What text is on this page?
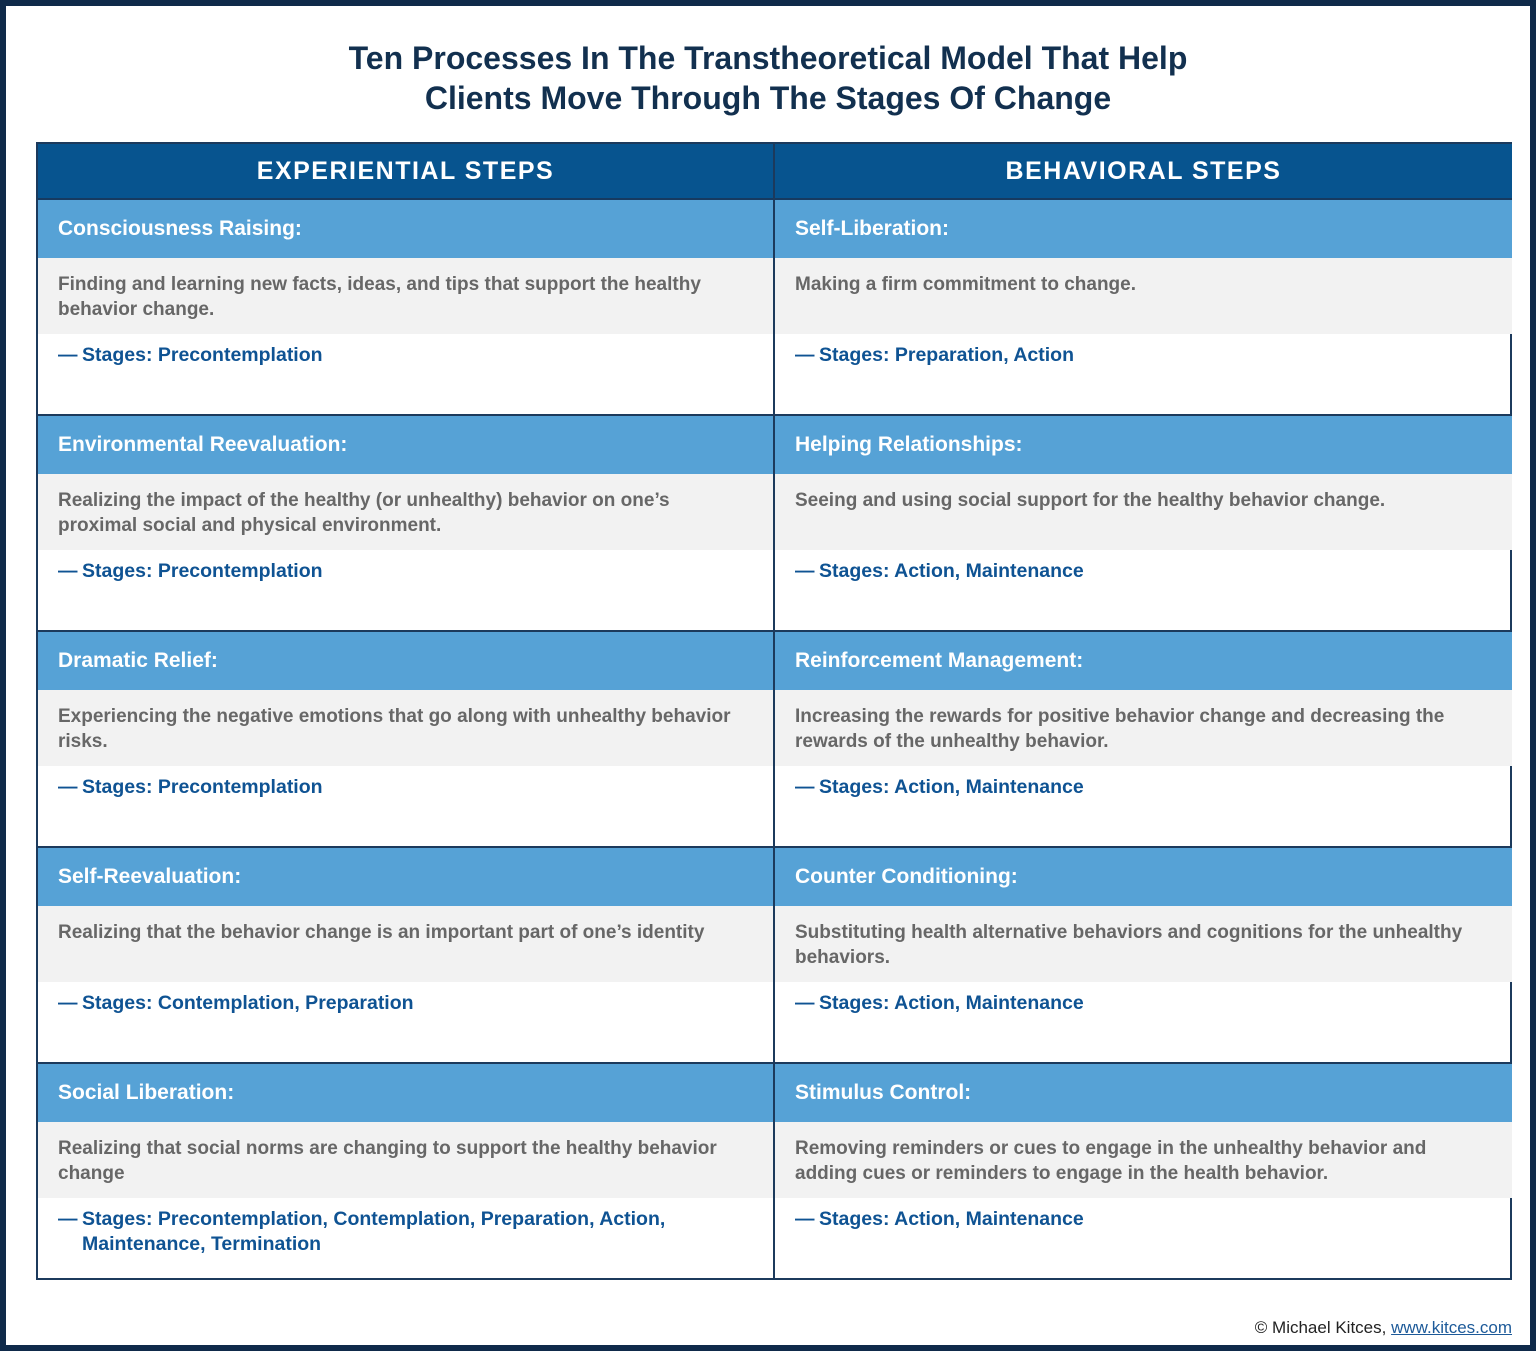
Ten Processes In The Transtheoretical Model That Help
Clients Move Through The Stages Of Change
EXPERIENTIAL STEPS
Consciousness Raising:
Finding and learning new facts, ideas, and tips that support the healthy behavior change.
— Stages: Precontemplation
Environmental Reevaluation:
Realizing the impact of the healthy (or unhealthy) behavior on one’s proximal social and physical environment.
— Stages: Precontemplation
Dramatic Relief:
Experiencing the negative emotions that go along with unhealthy behavior risks.
— Stages: Precontemplation
Self-Reevaluation:
Realizing that the behavior change is an important part of one’s identity
— Stages: Contemplation, Preparation
Social Liberation:
Realizing that social norms are changing to support the healthy behavior change
— Stages: Precontemplation, Contemplation, Preparation, Action, Maintenance, Termination
BEHAVIORAL STEPS
Self-Liberation:
Making a firm commitment to change.
— Stages: Preparation, Action
Helping Relationships:
Seeing and using social support for the healthy behavior change.
— Stages: Action, Maintenance
Reinforcement Management:
Increasing the rewards for positive behavior change and decreasing the rewards of the unhealthy behavior.
— Stages: Action, Maintenance
Counter Conditioning:
Substituting health alternative behaviors and cognitions for the unhealthy behaviors.
— Stages: Action, Maintenance
Stimulus Control:
Removing reminders or cues to engage in the unhealthy behavior and adding cues or reminders to engage in the health behavior.
— Stages: Action, Maintenance
© Michael Kitces, www.kitces.com
